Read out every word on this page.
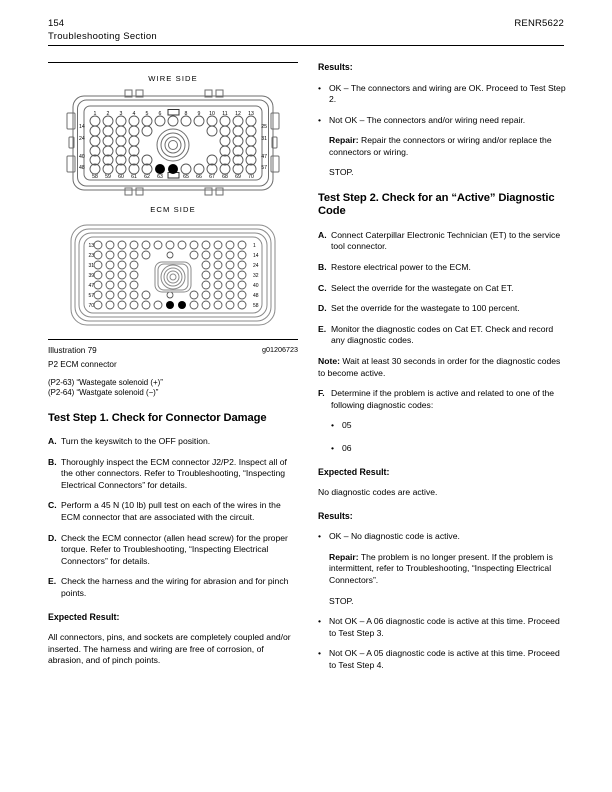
154	RENR5622
Troubleshooting Section
WIRE SIDE
1 2 3 4 5 6	8 9 10 11 12 13
58 59 60 61 62 63	65 66 67 68 69 70
14
24
40
48
25
31
47
57
ECM SIDE
13
23
31
39
47
57
70
1
14
24
32
40
48
58
Illustration 79	g01206723
P2 ECM connector
(P2-63) “Wastegate solenoid (+)”
(P2-64) “Wastgate solenoid (−)”
Test Step 1. Check for Connector Damage
A. Turn the keyswitch to the OFF position.
B. Thoroughly inspect the ECM connector J2/P2. Inspect all of the other connectors. Refer to Troubleshooting, “Inspecting Electrical Connectors” for details.
C. Perform a 45 N (10 lb) pull test on each of the wires in the ECM connector that are associated with the circuit.
D. Check the ECM connector (allen head screw) for the proper torque. Refer to Troubleshooting, “Inspecting Electrical Connectors” for details.
E. Check the harness and the wiring for abrasion and for pinch points.
Expected Result:

All connectors, pins, and sockets are completely coupled and/or inserted. The harness and wiring are free of corrosion, of abrasion, and of pinch points.

Results:
•
OK – The connectors and wiring are OK. Proceed to Test Step 2.
•
Not OK – The connectors and/or wiring need repair.
Repair: Repair the connectors or wiring and/or replace the connectors or wiring.
STOP.
Test Step 2. Check for an “Active” Diagnostic Code
A. Connect Caterpillar Electronic Technician (ET) to the service tool connector.
B. Restore electrical power to the ECM.
C. Select the override for the wastegate on Cat ET.
D. Set the override for the wastegate to 100 percent.
E. Monitor the diagnostic codes on Cat ET. Check and record any diagnostic codes.

Note: Wait at least 30 seconds in order for the diagnostic codes to become active.

F. Determine if the problem is active and related to one of the following diagnostic codes:
•
05
•
06
Expected Result:

No diagnostic codes are active.

Results:
•
OK – No diagnostic code is active.
Repair: The problem is no longer present. If the problem is intermittent, refer to Troubleshooting, “Inspecting Electrical Connectors”.
STOP.
•
Not OK – A 06 diagnostic code is active at this time. Proceed to Test Step 3.
•
Not OK – A 05 diagnostic code is active at this time. Proceed to Test Step 4.
